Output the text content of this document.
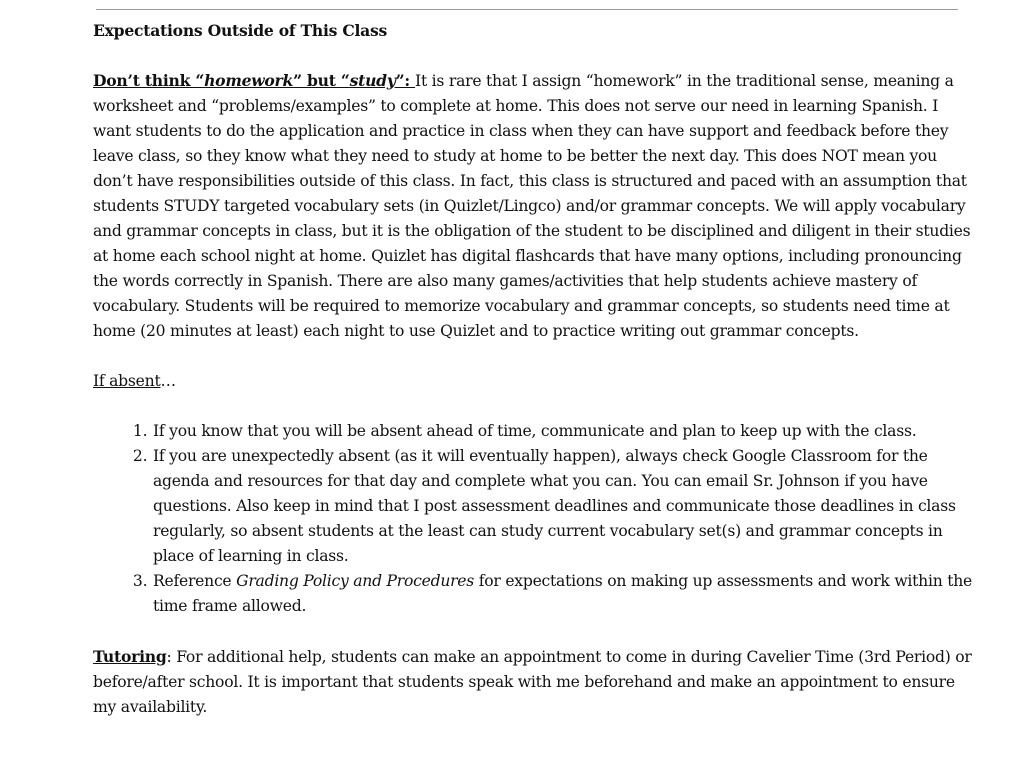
Expectations Outside of This Class

Don’t think “homework” but “study”: It is rare that I assign “homework” in the traditional sense, meaning a worksheet and “problems/examples” to complete at home. This does not serve our need in learning Spanish. I want students to do the application and practice in class when they can have support and feedback before they leave class, so they know what they need to study at home to be better the next day. This does NOT mean you don’t have responsibilities outside of this class. In fact, this class is structured and paced with an assumption that students STUDY targeted vocabulary sets (in Quizlet/Lingco) and/or grammar concepts. We will apply vocabulary and grammar concepts in class, but it is the obligation of the student to be disciplined and diligent in their studies at home each school night at home. Quizlet has digital flashcards that have many options, including pronouncing the words correctly in Spanish. There are also many games/activities that help students achieve mastery of vocabulary. Students will be required to memorize vocabulary and grammar concepts, so students need time at home (20 minutes at least) each night to use Quizlet and to practice writing out grammar concepts.

If absent…

1. If you know that you will be absent ahead of time, communicate and plan to keep up with the class.
2. If you are unexpectedly absent (as it will eventually happen), always check Google Classroom for the agenda and resources for that day and complete what you can. You can email Sr. Johnson if you have questions. Also keep in mind that I post assessment deadlines and communicate those deadlines in class regularly, so absent students at the least can study current vocabulary set(s) and grammar concepts in place of learning in class.
3. Reference Grading Policy and Procedures for expectations on making up assessments and work within the time frame allowed.

Tutoring: For additional help, students can make an appointment to come in during Cavelier Time (3rd Period) or before/after school. It is important that students speak with me beforehand and make an appointment to ensure my availability.
